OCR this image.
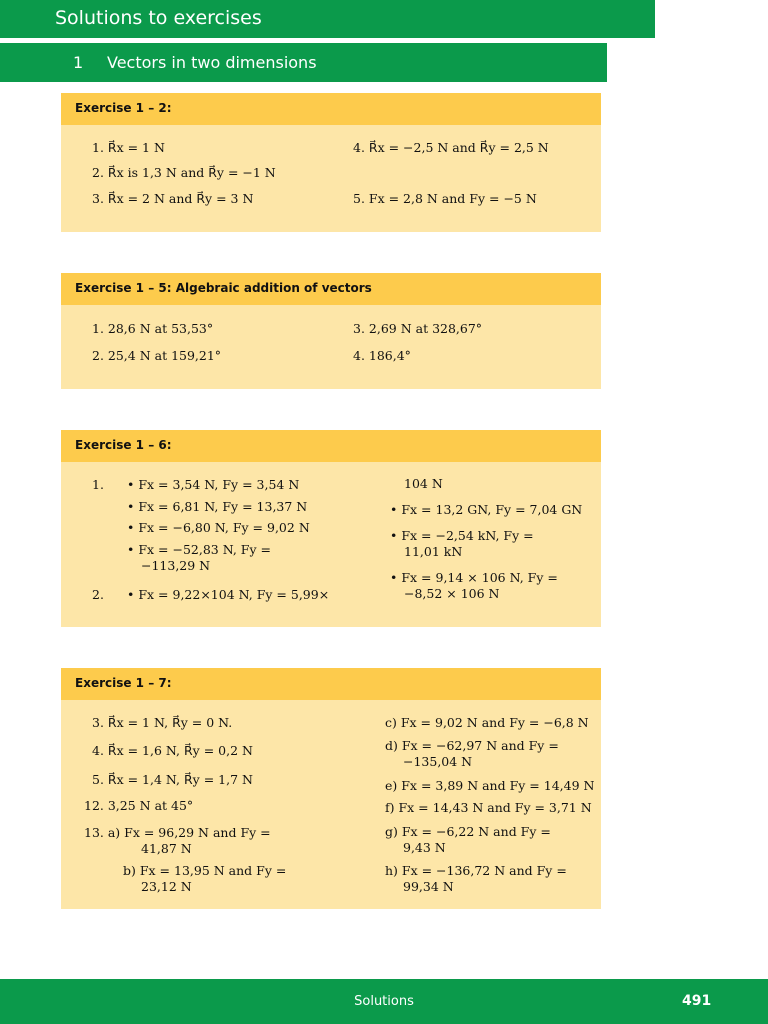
Solutions to exercises
1 Vectors in two dimensions
Exercise 1 – 2:
1. R⃗x = 1 N	4. R⃗x = −2,5 N and R⃗y = 2,5 N
2. R⃗x is 1,3 N and R⃗y = −1 N
3. R⃗x = 2 N and R⃗y = 3 N	5. Fx = 2,8 N and Fy = −5 N
Exercise 1 – 5: Algebraic addition of vectors
1. 28,6 N at 53,53°	3. 2,69 N at 328,67°
2. 25,4 N at 159,21°	4. 186,4°
Exercise 1 – 6:
1. • Fx = 3,54 N, Fy = 3,54 N
• Fx = 6,81 N, Fy = 13,37 N
• Fx = −6,80 N, Fy = 9,02 N
• Fx = −52,83 N, Fy =
−113,29 N
2. • Fx = 9,22×104 N, Fy = 5,99×
104 N
• Fx = 13,2 GN, Fy = 7,04 GN
• Fx = −2,54 kN, Fy =
11,01 kN
• Fx = 9,14 × 106 N, Fy =
−8,52 × 106 N
Exercise 1 – 7:
3. R⃗x = 1 N, R⃗y = 0 N.
4. R⃗x = 1,6 N, R⃗y = 0,2 N
5. R⃗x = 1,4 N, R⃗y = 1,7 N
12. 3,25 N at 45°
13. a) Fx = 96,29 N and Fy =
41,87 N
b) Fx = 13,95 N and Fy =
23,12 N
c) Fx = 9,02 N and Fy = −6,8 N
d) Fx = −62,97 N and Fy =
−135,04 N
e) Fx = 3,89 N and Fy = 14,49 N
f) Fx = 14,43 N and Fy = 3,71 N
g) Fx = −6,22 N and Fy =
9,43 N
h) Fx = −136,72 N and Fy =
99,34 N
Solutions	491
